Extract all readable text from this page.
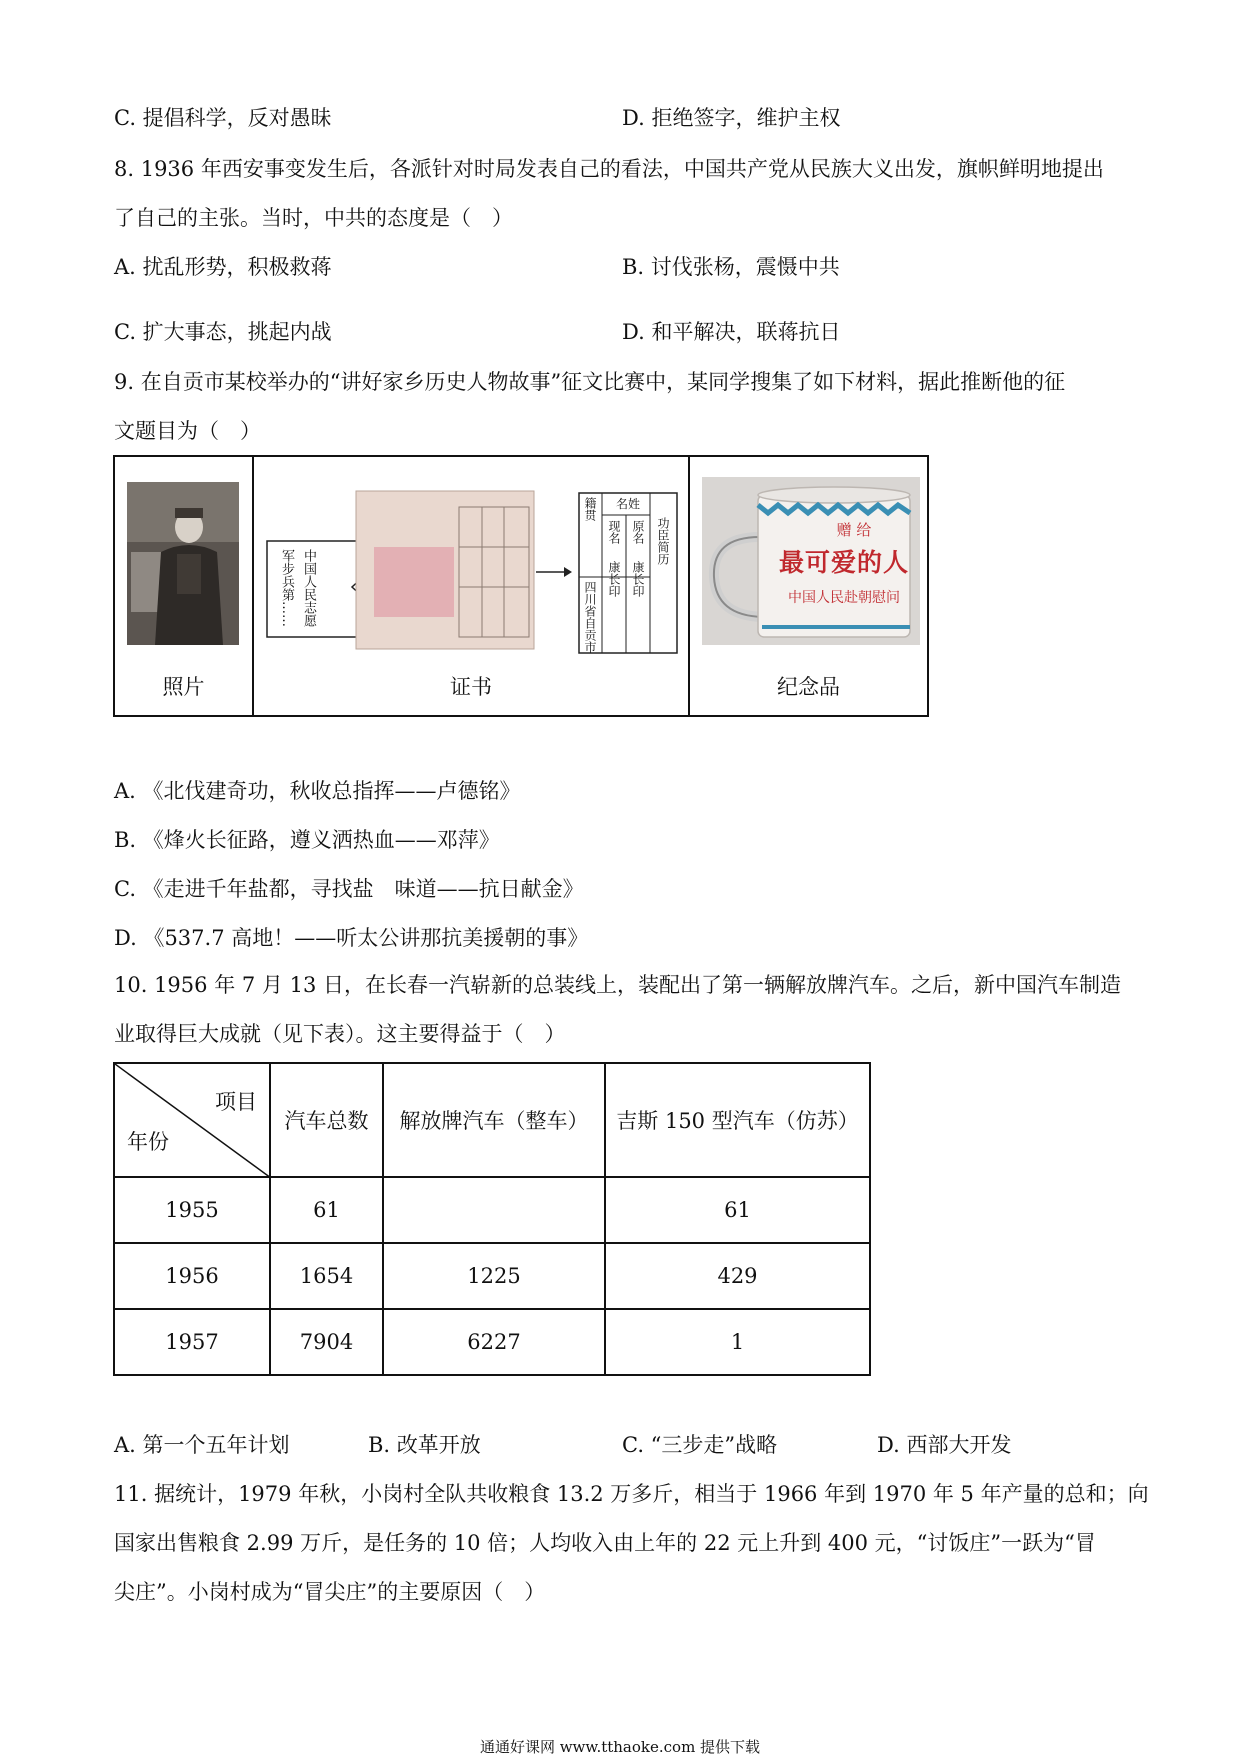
C. 提倡科学，反对愚昧	D. 拒绝签字，维护主权
8. 1936 年西安事变发生后，各派针对时局发表自己的看法，中国共产党从民族大义出发，旗帜鲜明地提出
了自己的主张。当时，中共的态度是（　）
A. 扰乱形势，积极救蒋	B. 讨伐张杨，震慑中共
C. 扩大事态，挑起内战	D. 和平解决，联蒋抗日
9. 在自贡市某校举办的“讲好家乡历史人物故事”征文比赛中，某同学搜集了如下材料，据此推断他的征
文题目为（　）
照片
中国人民志愿
军步兵第……
籍贯 名姓
现名
康长印
原名
康长印
四川省自贡市
功臣简历
证书
赠 给
最可爱的人
中国人民赴朝慰问
纪念品
A. 《北伐建奇功，秋收总指挥——卢德铭》
B. 《烽火长征路，遵义洒热血——邓萍》
C. 《走进千年盐都，寻找盐　味道——抗日献金》
D. 《537.7 高地！——听太公讲那抗美援朝的事》
10. 1956 年 7 月 13 日，在长春一汽崭新的总装线上，装配出了第一辆解放牌汽车。之后，新中国汽车制造
业取得巨大成就（见下表）。这主要得益于（　）
项目
年份	汽车总数	解放牌汽车（整车）	吉斯 150 型汽车（仿苏）
1955	61		61
1956	1654	1225	429
1957	7904	6227	1
A. 第一个五年计划	B. 改革开放	C. “三步走”战略	D. 西部大开发
11. 据统计，1979 年秋，小岗村全队共收粮食 13.2 万多斤，相当于 1966 年到 1970 年 5 年产量的总和；向
国家出售粮食 2.99 万斤，是任务的 10 倍；人均收入由上年的 22 元上升到 400 元，“讨饭庄”一跃为“冒
尖庄”。小岗村成为“冒尖庄”的主要原因（　）
通通好课网 www.tthaoke.com 提供下载
